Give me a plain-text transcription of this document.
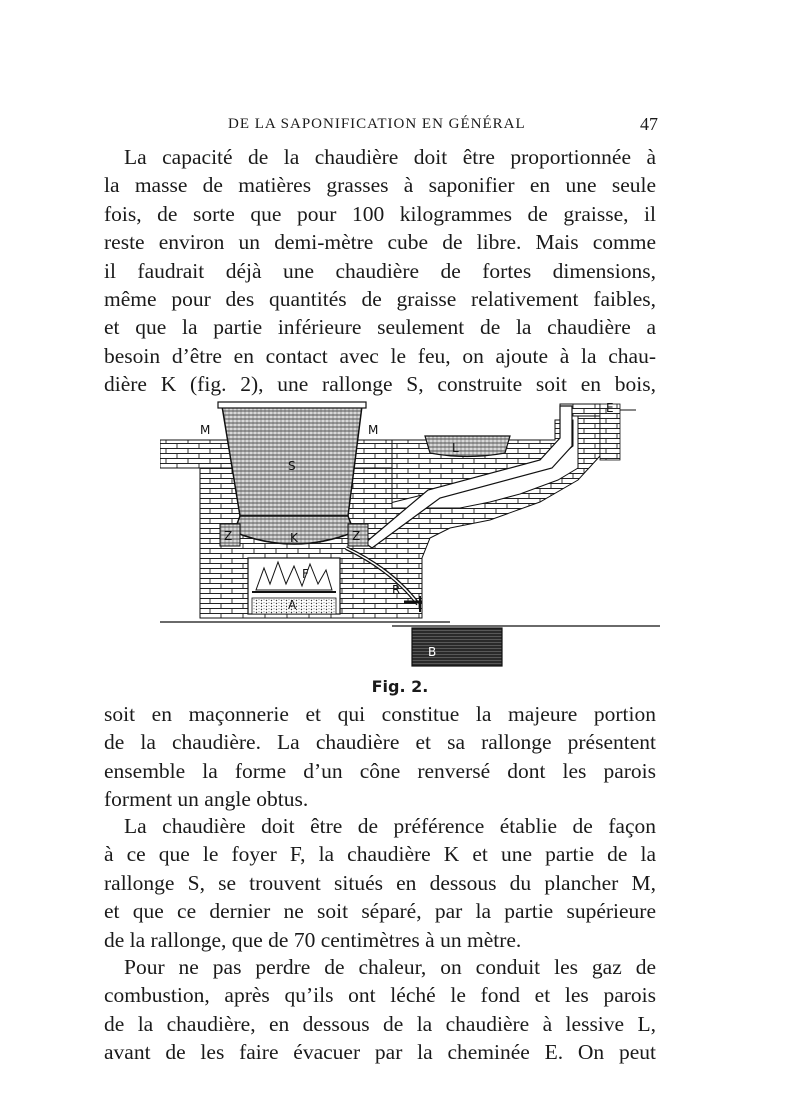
DE LA SAPONIFICATION EN GÉNÉRAL	47

La capacité de la chaudière doit être proportionnée à
la masse de matières grasses à saponifier en une seule
fois, de sorte que pour 100 kilogrammes de graisse, il
reste environ un demi-mètre cube de libre. Mais comme
il faudrait déjà une chaudière de fortes dimensions,
même pour des quantités de graisse relativement faibles,
et que la partie inférieure seulement de la chaudière a
besoin d’être en contact avec le feu, on ajoute à la chau-
dière K (fig. 2), une rallonge S, construite soit en bois,

M	M
S
K
Z	Z
F
A
R
B
L
E
Fig. 2.

soit en maçonnerie et qui constitue la majeure portion
de la chaudière. La chaudière et sa rallonge présentent
ensemble la forme d’un cône renversé dont les parois
forment un angle obtus.

La chaudière doit être de préférence établie de façon
à ce que le foyer F, la chaudière K et une partie de la
rallonge S, se trouvent situés en dessous du plancher M,
et que ce dernier ne soit séparé, par la partie supérieure
de la rallonge, que de 70 centimètres à un mètre.

Pour ne pas perdre de chaleur, on conduit les gaz de
combustion, après qu’ils ont léché le fond et les parois
de la chaudière, en dessous de la chaudière à lessive L,
avant de les faire évacuer par la cheminée E. On peut
